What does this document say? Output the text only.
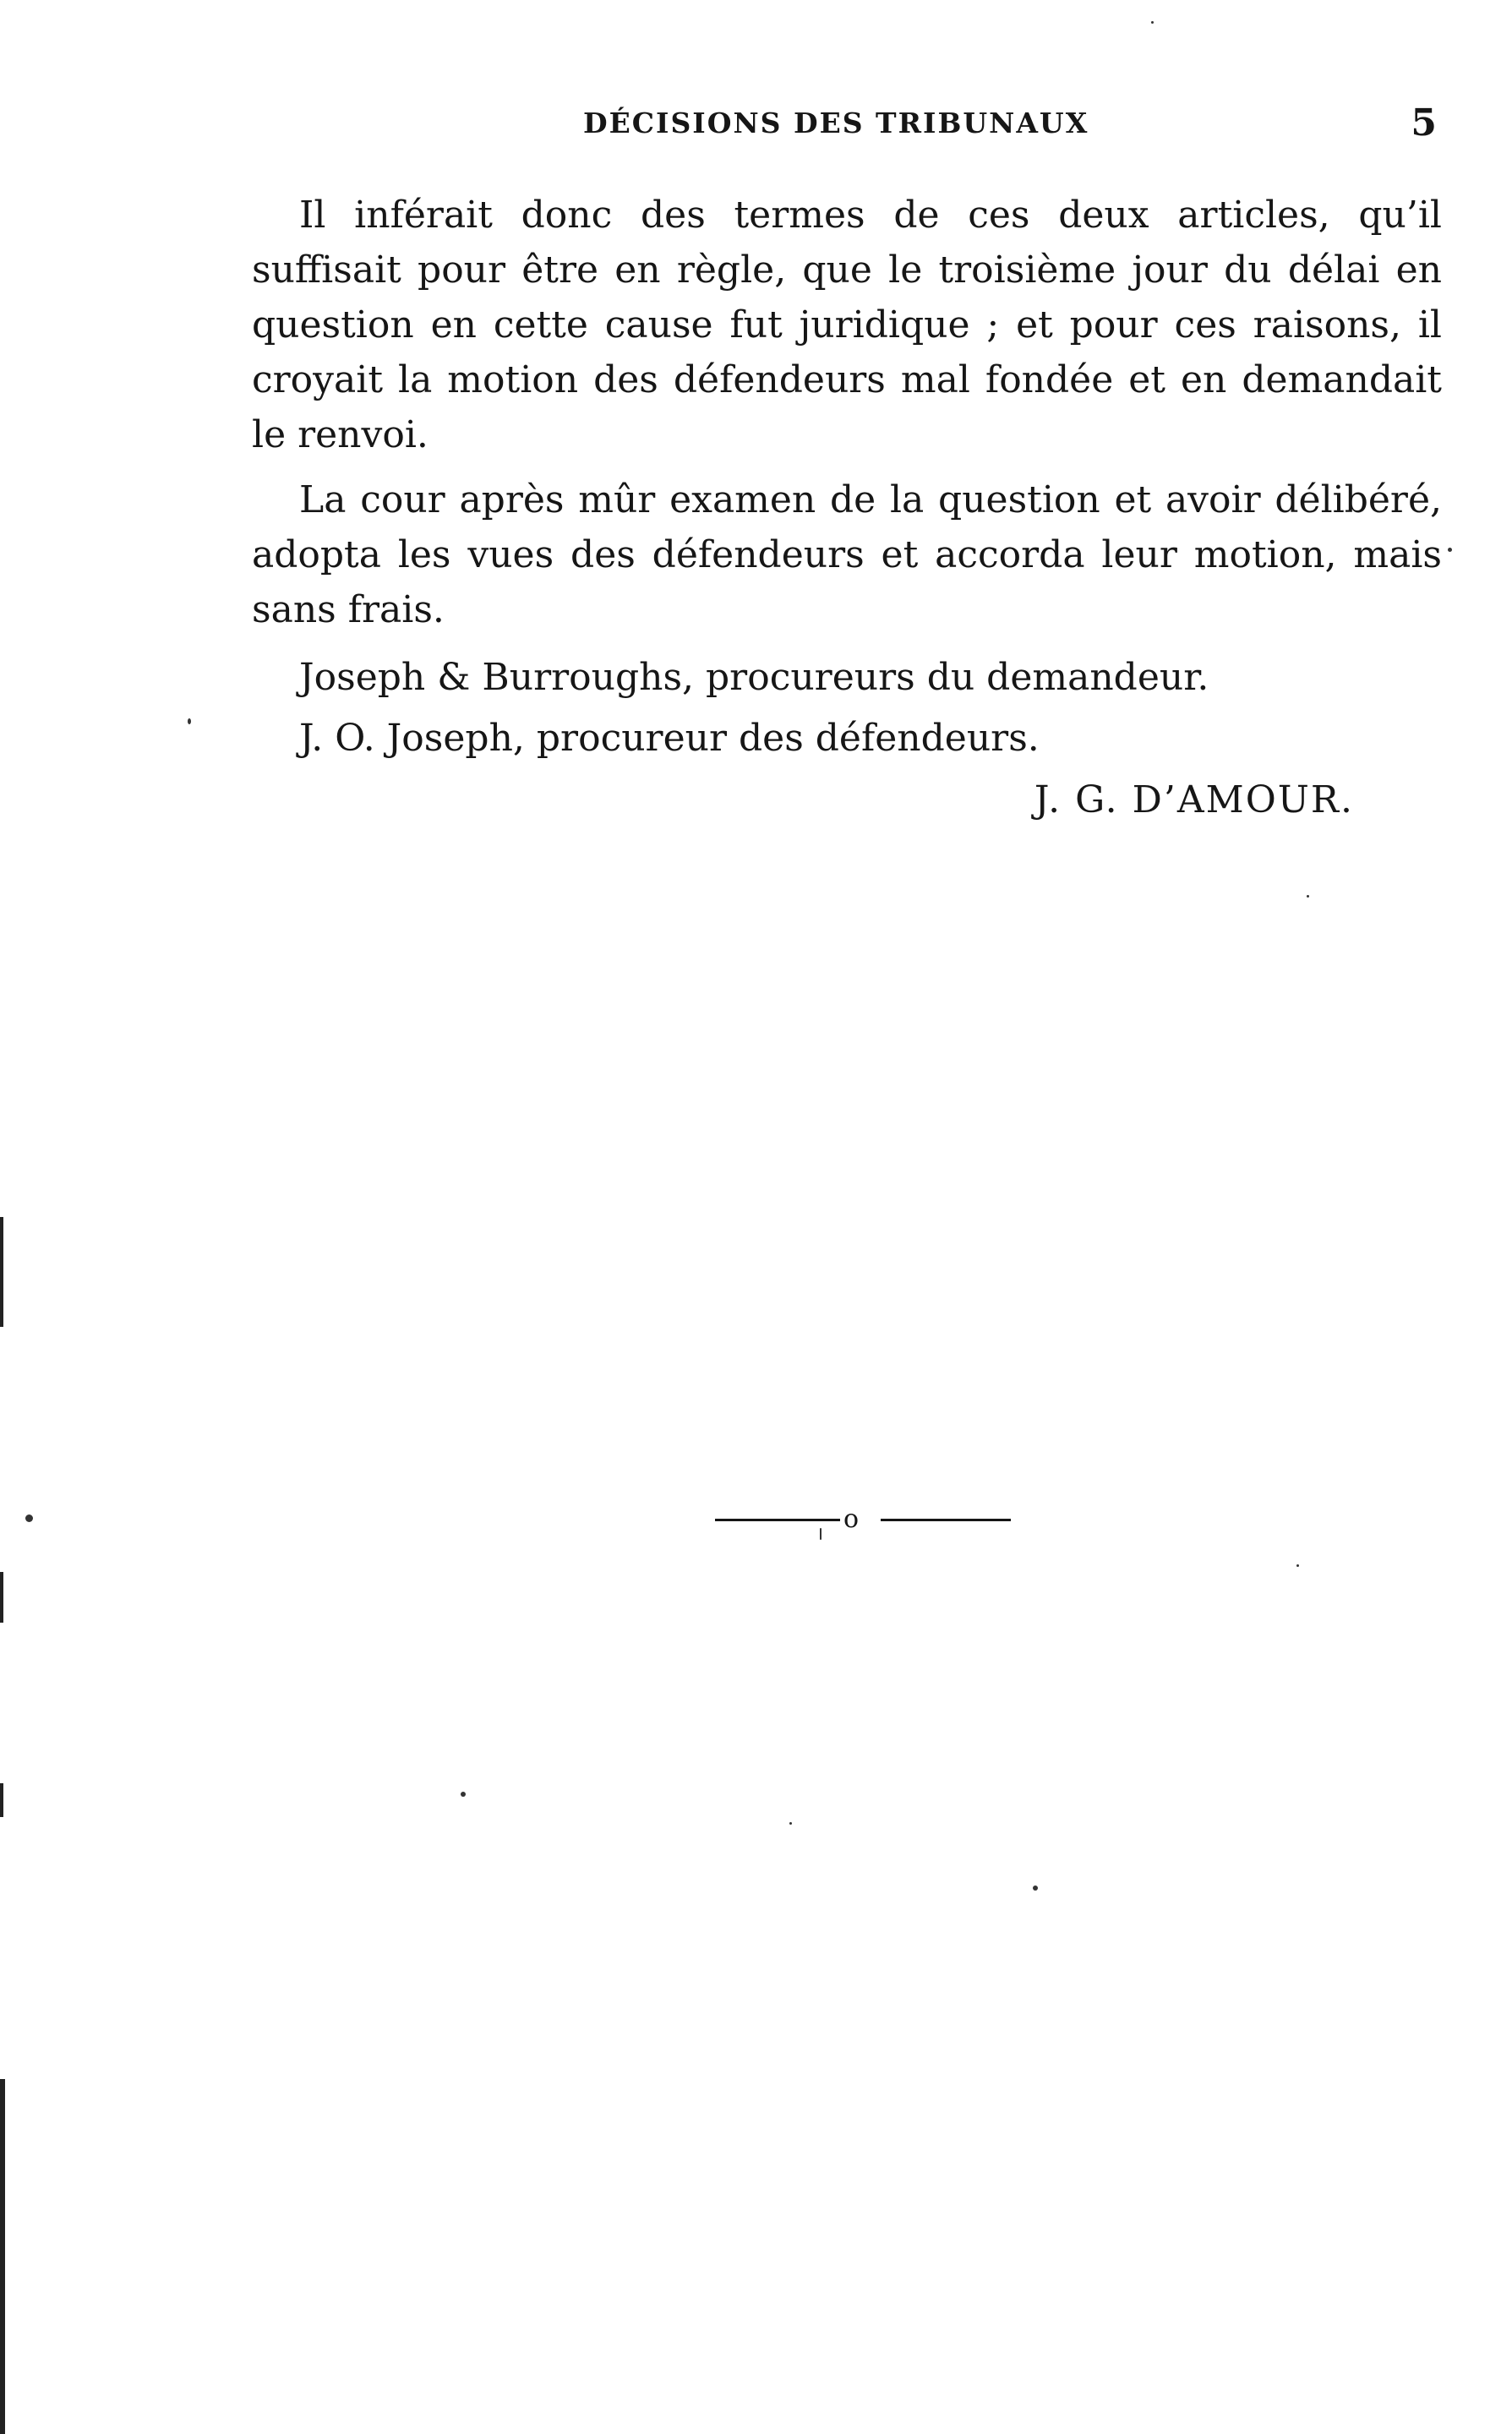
DÉCISIONS DES TRIBUNAUX	5

Il inférait donc des termes de ces deux articles, qu’il suffisait pour être en règle, que le troisième jour du délai en question en cette cause fut juridique ; et pour ces raisons, il croyait la motion des défendeurs mal fondée et en demandait le renvoi.

La cour après mûr examen de la question et avoir délibéré, adopta les vues des défendeurs et accorda leur motion, mais sans frais.

Joseph & Burroughs, procureurs du demandeur.

J. O. Joseph, procureur des défendeurs.

J. G. D’AMOUR.
o
